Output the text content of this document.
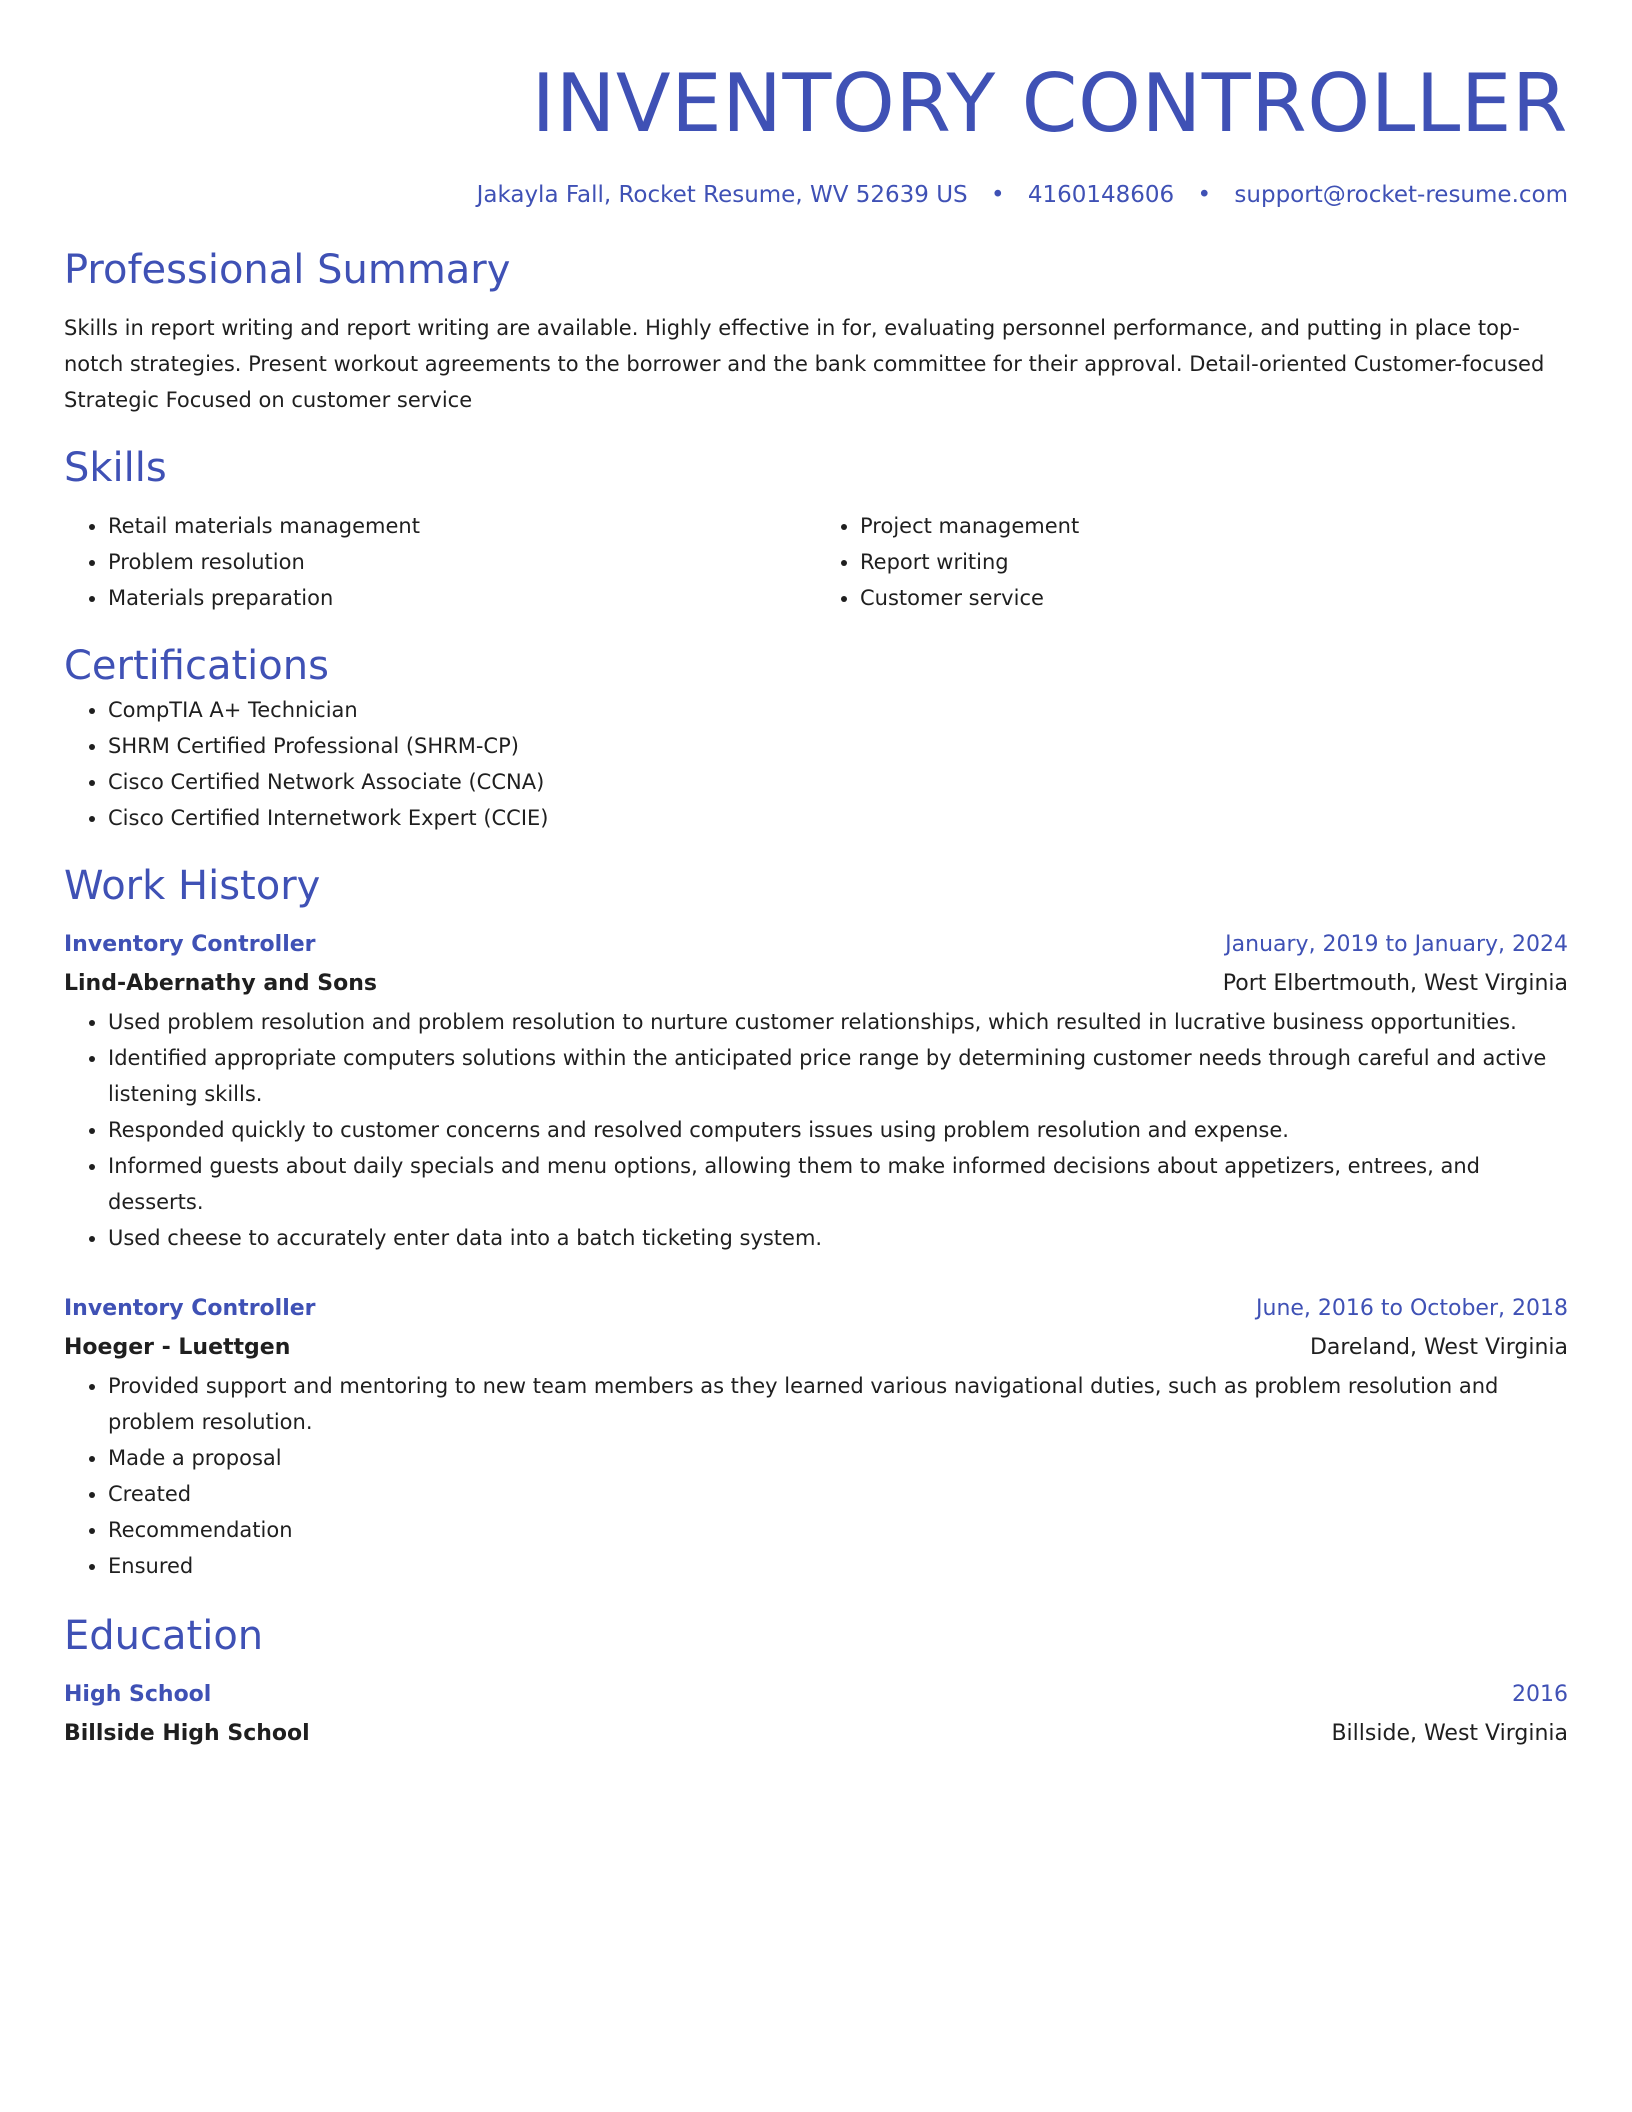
INVENTORY CONTROLLER
Jakayla Fall, Rocket Resume, WV 52639 US • 4160148606 • support@rocket-resume.com
Professional Summary
Skills in report writing and report writing are available. Highly effective in for, evaluating personnel performance, and putting in place top-notch strategies. Present workout agreements to the borrower and the bank committee for their approval. Detail-oriented Customer-focused Strategic Focused on customer service
Skills
• Retail materials management
• Problem resolution
• Materials preparation
• Project management
• Report writing
• Customer service
Certifications
• CompTIA A+ Technician
• SHRM Certified Professional (SHRM-CP)
• Cisco Certified Network Associate (CCNA)
• Cisco Certified Internetwork Expert (CCIE)
Work History
Inventory Controller	January, 2019 to January, 2024
Lind-Abernathy and Sons	Port Elbertmouth, West Virginia
• Used problem resolution and problem resolution to nurture customer relationships, which resulted in lucrative business opportunities.
• Identified appropriate computers solutions within the anticipated price range by determining customer needs through careful and active listening skills.
• Responded quickly to customer concerns and resolved computers issues using problem resolution and expense.
• Informed guests about daily specials and menu options, allowing them to make informed decisions about appetizers, entrees, and desserts.
• Used cheese to accurately enter data into a batch ticketing system.
Inventory Controller	June, 2016 to October, 2018
Hoeger - Luettgen	Dareland, West Virginia
• Provided support and mentoring to new team members as they learned various navigational duties, such as problem resolution and problem resolution.
• Made a proposal
• Created
• Recommendation
• Ensured
Education
High School	2016
Billside High School	Billside, West Virginia
